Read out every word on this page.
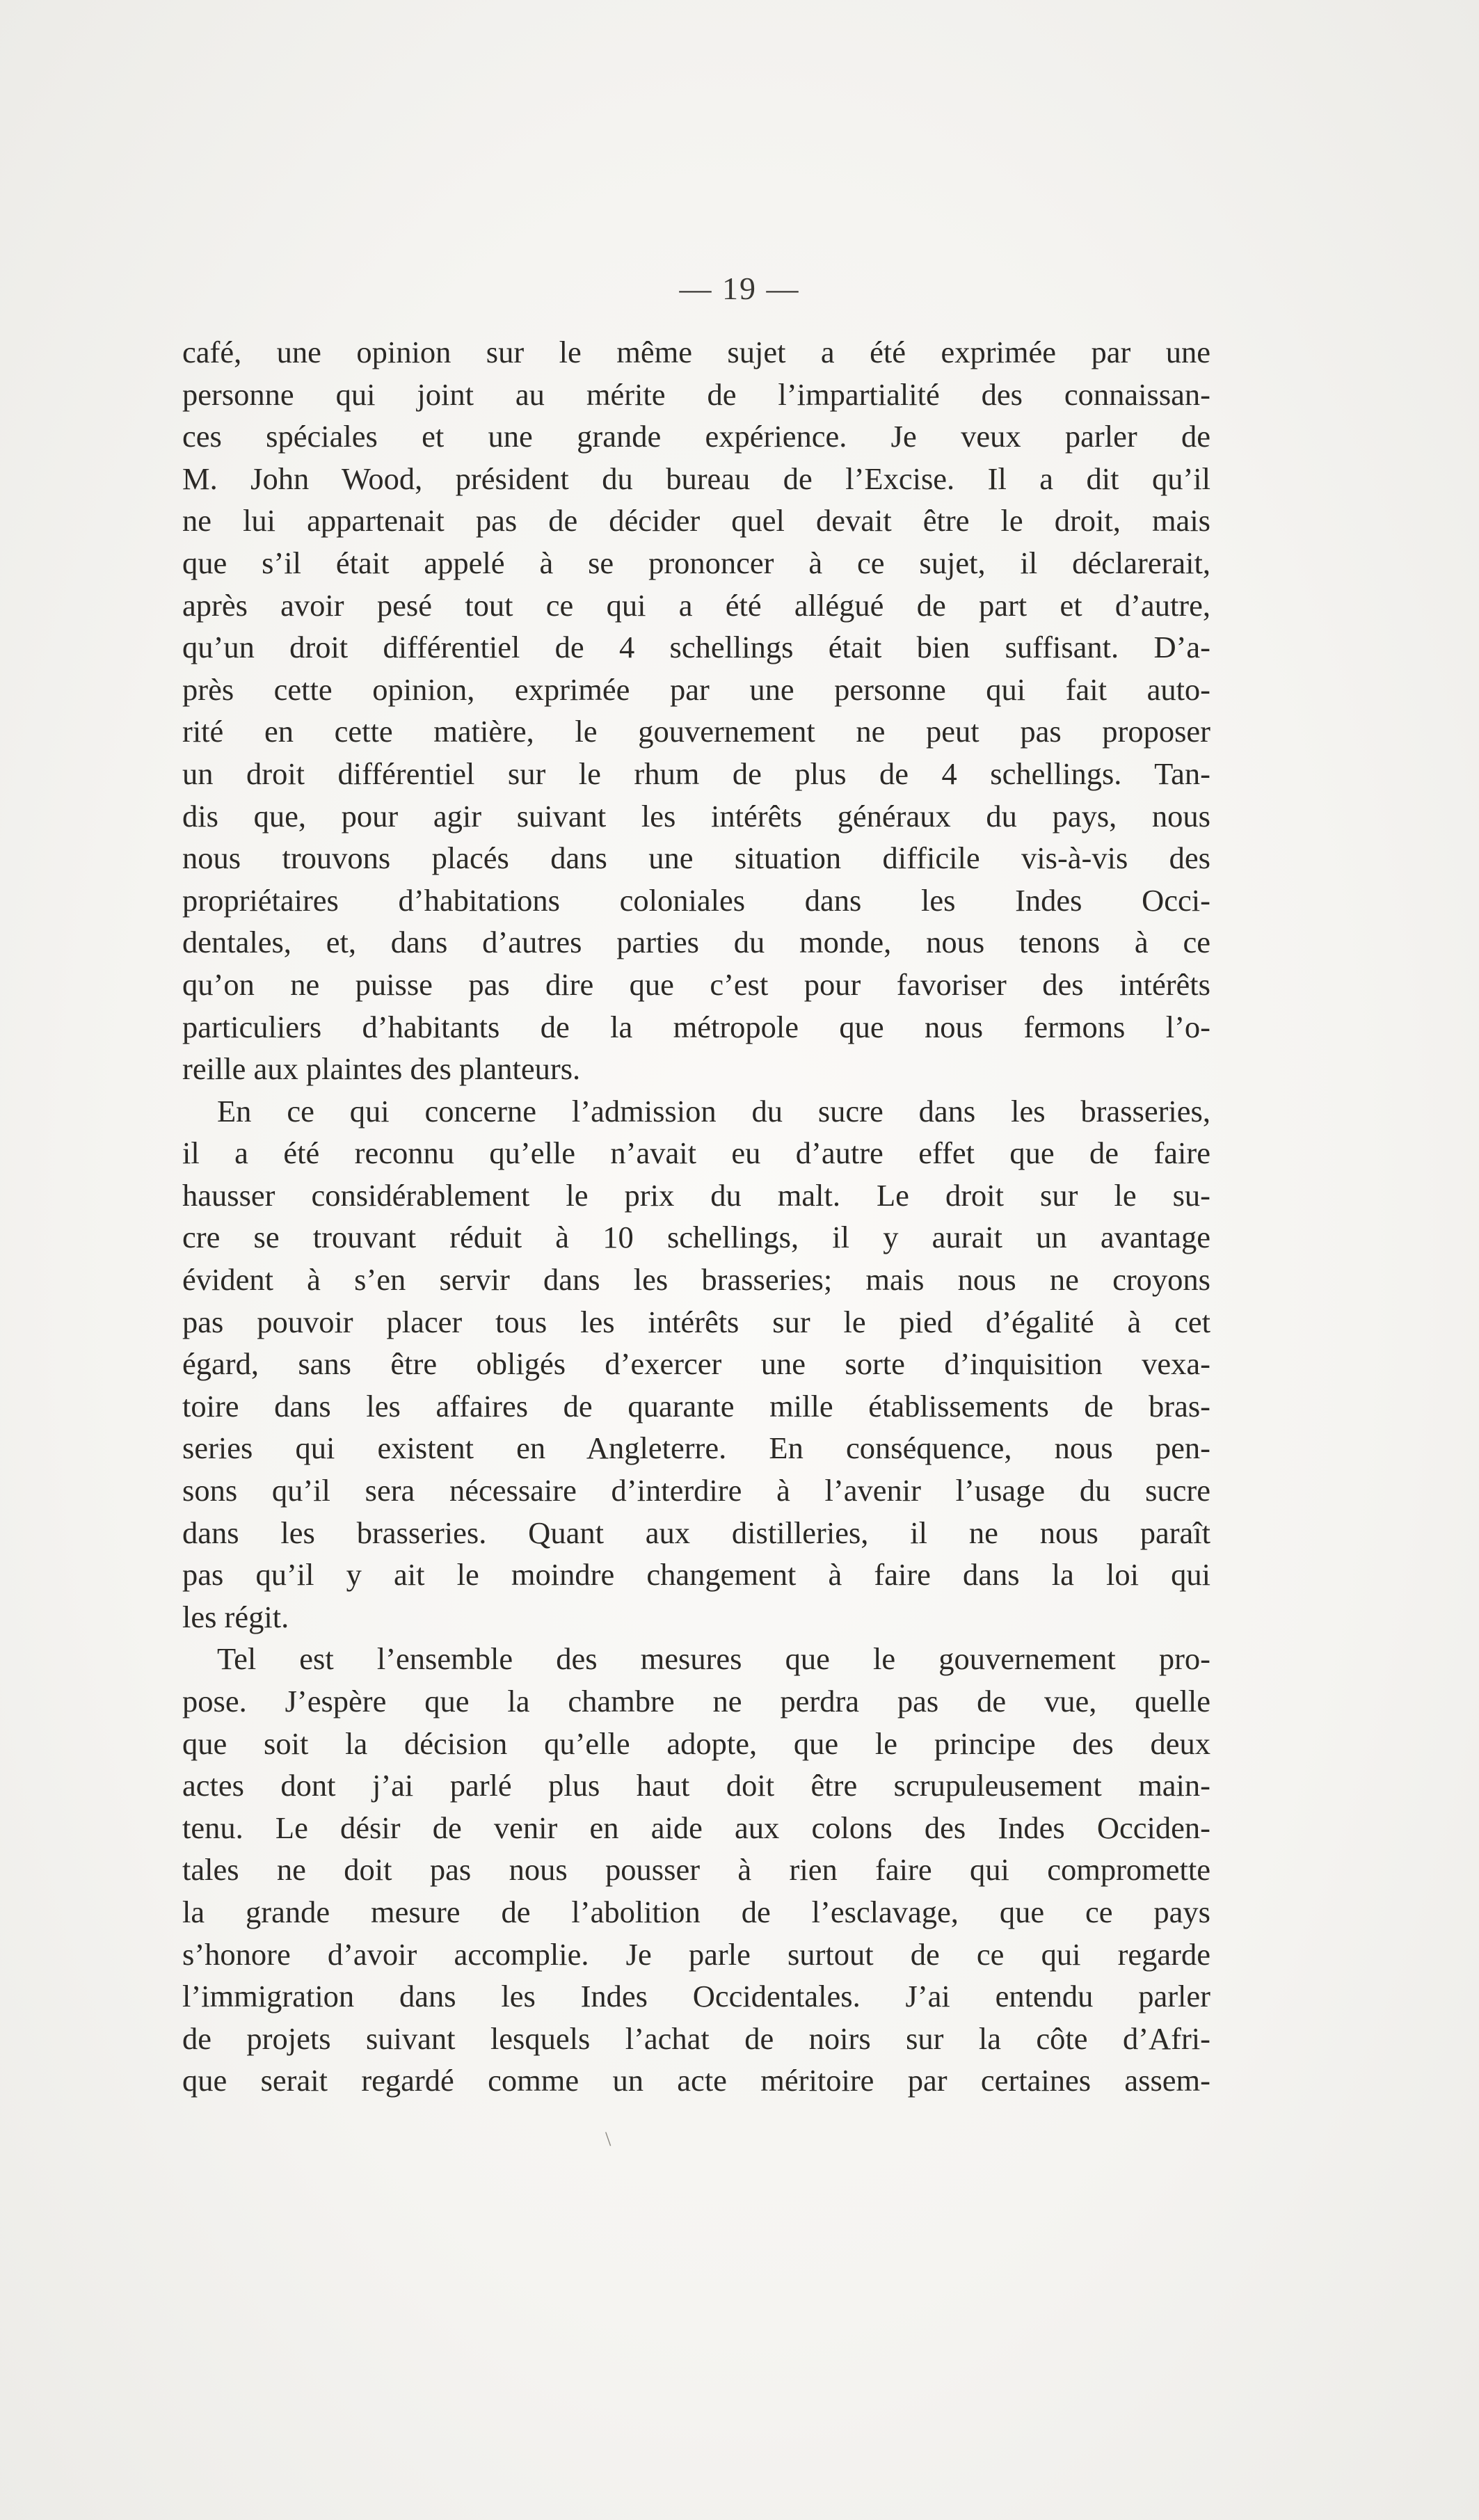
— 19 —
café, une opinion sur le même sujet a été exprimée par une
personne qui joint au mérite de l’impartialité des connaissan-
ces spéciales et une grande expérience. Je veux parler de
M. John Wood, président du bureau de l’Excise. Il a dit qu’il
ne lui appartenait pas de décider quel devait être le droit, mais
que s’il était appelé à se prononcer à ce sujet, il déclarerait,
après avoir pesé tout ce qui a été allégué de part et d’autre,
qu’un droit différentiel de 4 schellings était bien suffisant. D’a-
près cette opinion, exprimée par une personne qui fait auto-
rité en cette matière, le gouvernement ne peut pas proposer
un droit différentiel sur le rhum de plus de 4 schellings. Tan-
dis que, pour agir suivant les intérêts généraux du pays, nous
nous trouvons placés dans une situation difficile vis-à-vis des
propriétaires d’habitations coloniales dans les Indes Occi-
dentales, et, dans d’autres parties du monde, nous tenons à ce
qu’on ne puisse pas dire que c’est pour favoriser des intérêts
particuliers d’habitants de la métropole que nous fermons l’o-
reille aux plaintes des planteurs.
En ce qui concerne l’admission du sucre dans les brasseries,
il a été reconnu qu’elle n’avait eu d’autre effet que de faire
hausser considérablement le prix du malt. Le droit sur le su-
cre se trouvant réduit à 10 schellings, il y aurait un avantage
évident à s’en servir dans les brasseries; mais nous ne croyons
pas pouvoir placer tous les intérêts sur le pied d’égalité à cet
égard, sans être obligés d’exercer une sorte d’inquisition vexa-
toire dans les affaires de quarante mille établissements de bras-
series qui existent en Angleterre. En conséquence, nous pen-
sons qu’il sera nécessaire d’interdire à l’avenir l’usage du sucre
dans les brasseries. Quant aux distilleries, il ne nous paraît
pas qu’il y ait le moindre changement à faire dans la loi qui
les régit.
Tel est l’ensemble des mesures que le gouvernement pro-
pose. J’espère que la chambre ne perdra pas de vue, quelle
que soit la décision qu’elle adopte, que le principe des deux
actes dont j’ai parlé plus haut doit être scrupuleusement main-
tenu. Le désir de venir en aide aux colons des Indes Occiden-
tales ne doit pas nous pousser à rien faire qui compromette
la grande mesure de l’abolition de l’esclavage, que ce pays
s’honore d’avoir accomplie. Je parle surtout de ce qui regarde
l’immigration dans les Indes Occidentales. J’ai entendu parler
de projets suivant lesquels l’achat de noirs sur la côte d’Afri-
que serait regardé comme un acte méritoire par certaines assem-
\
